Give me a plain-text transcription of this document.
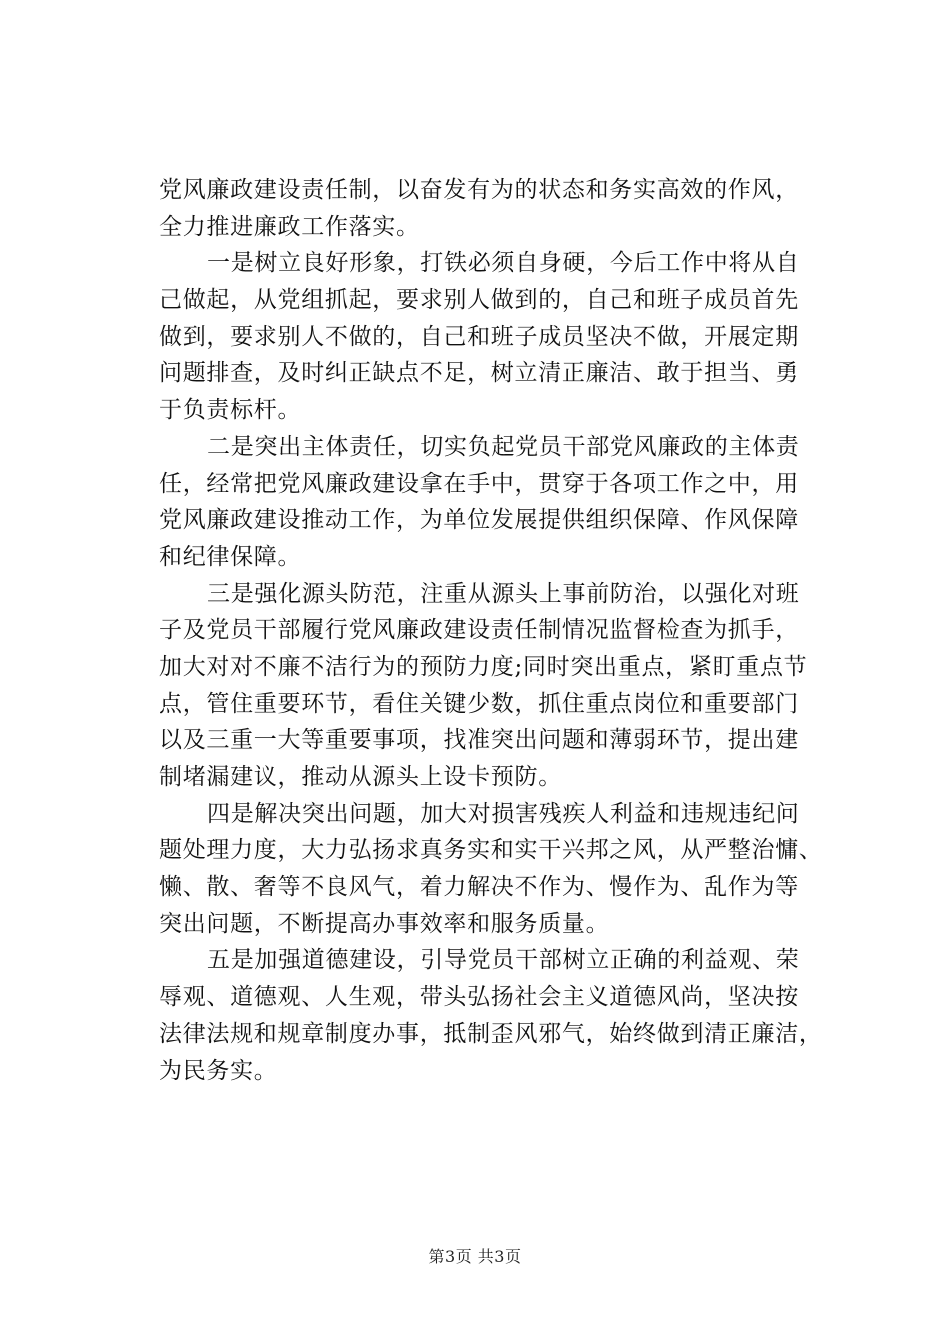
党风廉政建设责任制，以奋发有为的状态和务实高效的作风，
全力推进廉政工作落实。

一是树立良好形象，打铁必须自身硬，今后工作中将从自
己做起，从党组抓起，要求别人做到的，自己和班子成员首先
做到，要求别人不做的，自己和班子成员坚决不做，开展定期
问题排查，及时纠正缺点不足，树立清正廉洁、敢于担当、勇
于负责标杆。

二是突出主体责任，切实负起党员干部党风廉政的主体责
任，经常把党风廉政建设拿在手中，贯穿于各项工作之中，用
党风廉政建设推动工作，为单位发展提供组织保障、作风保障
和纪律保障。

三是强化源头防范，注重从源头上事前防治，以强化对班
子及党员干部履行党风廉政建设责任制情况监督检查为抓手，
加大对对不廉不洁行为的预防力度;同时突出重点，紧盯重点节
点，管住重要环节，看住关键少数，抓住重点岗位和重要部门
以及三重一大等重要事项，找准突出问题和薄弱环节，提出建
制堵漏建议，推动从源头上设卡预防。

四是解决突出问题，加大对损害残疾人利益和违规违纪问
题处理力度，大力弘扬求真务实和实干兴邦之风，从严整治慵、
懒、散、奢等不良风气，着力解决不作为、慢作为、乱作为等
突出问题，不断提高办事效率和服务质量。

五是加强道德建设，引导党员干部树立正确的利益观、荣
辱观、道德观、人生观，带头弘扬社会主义道德风尚，坚决按
法律法规和规章制度办事，抵制歪风邪气，始终做到清正廉洁，
为民务实。

第3页 共3页
